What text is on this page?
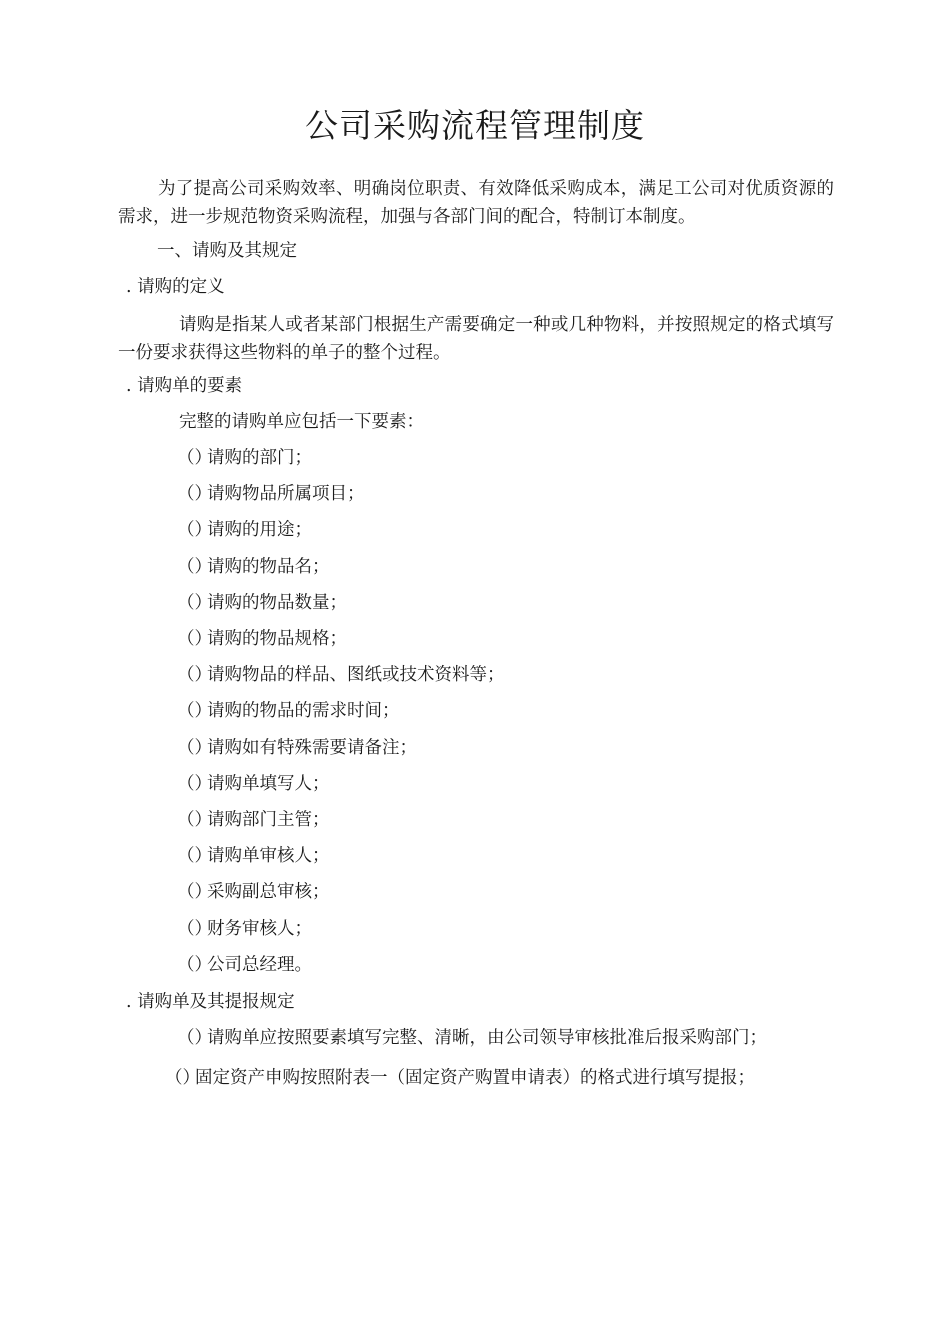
公司采购流程管理制度
为了提高公司采购效率、明确岗位职责、有效降低采购成本，满足工公司对优质资源的需求，进一步规范物资采购流程，加强与各部门间的配合，特制订本制度。
一、请购及其规定
. 请购的定义
请购是指某人或者某部门根据生产需要确定一种或几种物料，并按照规定的格式填写一份要求获得这些物料的单子的整个过程。
. 请购单的要素
完整的请购单应包括一下要素：
（）请购的部门；
（）请购物品所属项目；
（）请购的用途；
（）请购的物品名；
（）请购的物品数量；
（）请购的物品规格；
（）请购物品的样品、图纸或技术资料等；
（）请购的物品的需求时间；
（）请购如有特殊需要请备注；
（）请购单填写人；
（）请购部门主管；
（）请购单审核人；
（）采购副总审核；
（）财务审核人；
（）公司总经理。
. 请购单及其提报规定
（）请购单应按照要素填写完整、清晰，由公司领导审核批准后报采购部门；
（）固定资产申购按照附表一（固定资产购置申请表）的格式进行填写提报；
